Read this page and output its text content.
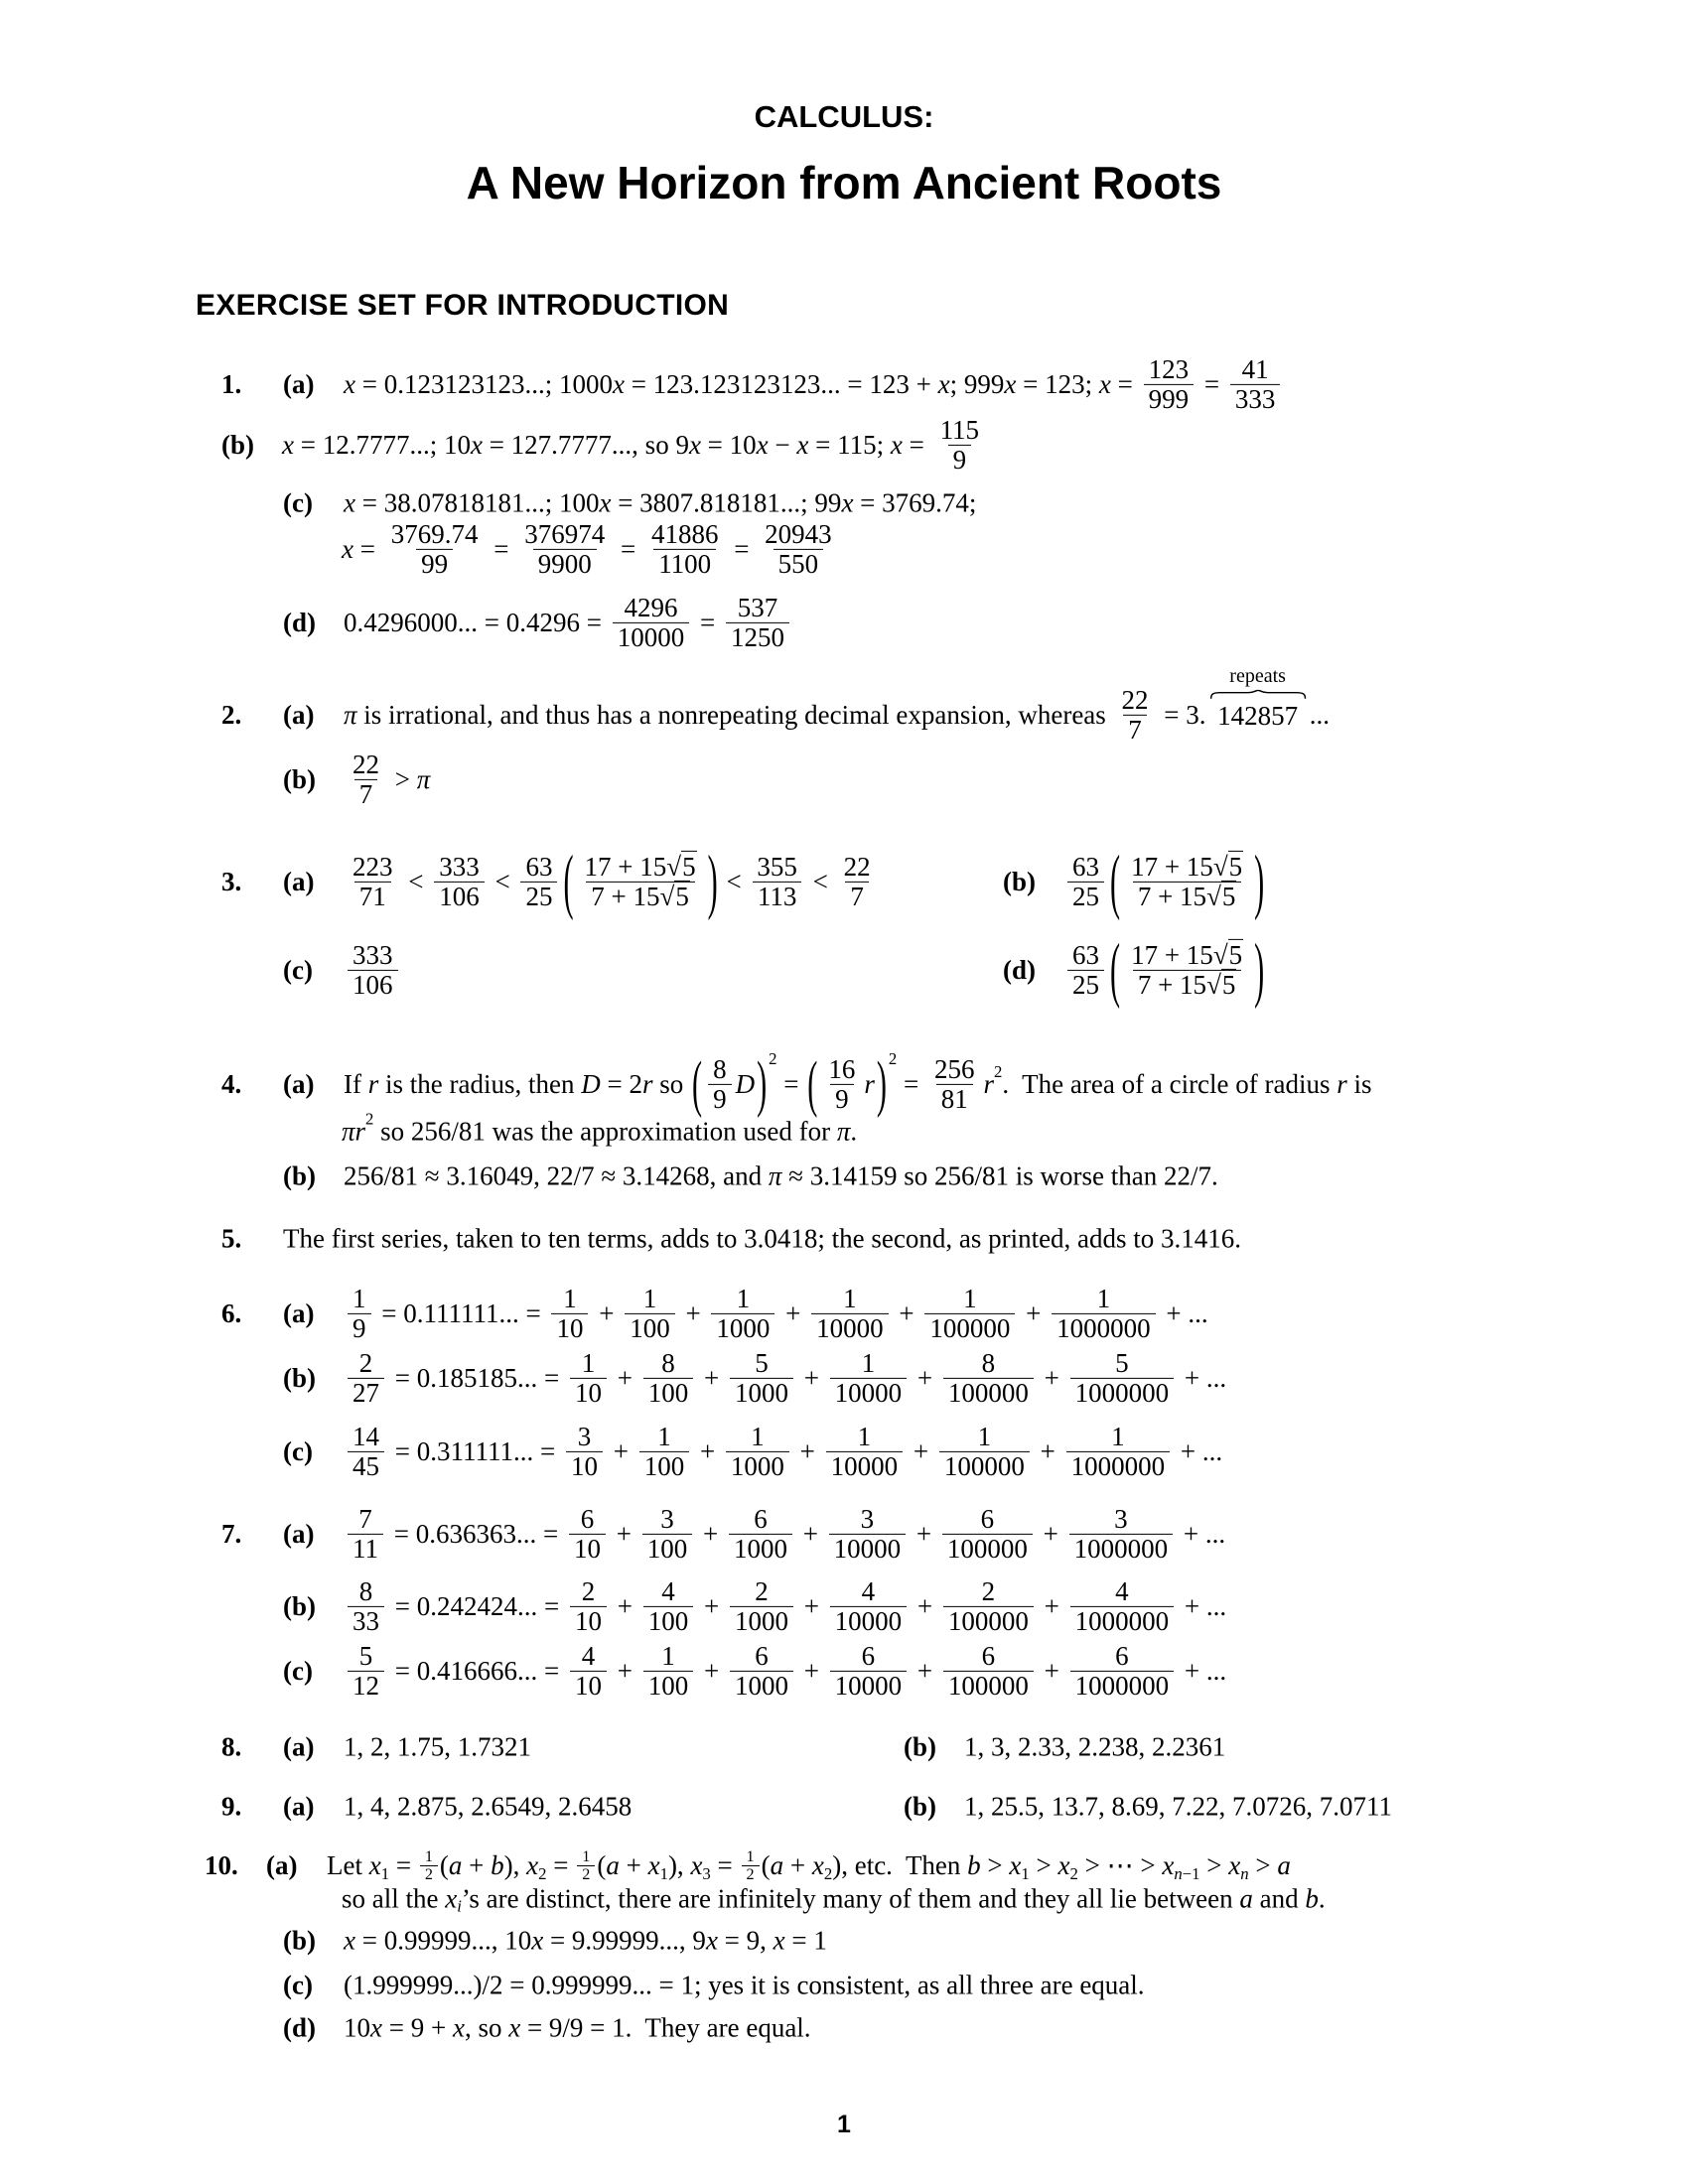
CALCULUS:
A New Horizon from Ancient Roots
EXERCISE SET FOR INTRODUCTION
1.	(a)	x = 0.123123123...; 1000 x = 123.123123123... = 123 + x ; 999 x = 123; $x = \frac{123}{999} = \frac{41}{333}$
(b)	x = 12.7777...; 10 x = 127.7777..., so 9 x = 10 x − x = 115; $x = \frac{115}{9}$
(c)	x = 38.07818181...; 100 x = 3807.818181...; 99 x = 3769.74;
$x = \frac{3769.74}{99} = \frac{376974}{9900} = \frac{41886}{1100} = \frac{20943}{550}$
(d)	0.4296000... = $0.4296 = \frac{4296}{10000} = \frac{537}{1250}$
2.	(a)	π is irrational, and thus has a nonrepeating decimal expansion, whereas $\frac{22}{7} = 3$.
repeats
142857 ...
(b)	$\frac{22}{7} > \pi$
3.	(a)	$\frac{223}{71} < \frac{333}{106} < \frac{63}{25}$ ( $\frac{17 + 15√5}{7 + 15√5}$ ) < $\frac{355}{113} < \frac{22}{7}$	(b)	$\frac{63}{25}$ ( $\frac{17 + 15√5}{7 + 15√5}$ )
(c)	$\frac{333}{106}$	(d)	$\frac{63}{25}$ ( $\frac{17 + 15√5}{7 + 15√5}$ )
4.	(a)	If r is the radius, then D = 2 r so ( $\frac{8}{9}$ D ) 2
= ( $\frac{16}{9}$ r ) 2
= $\frac{256}{81}$ r 2 .  The area of a circle of radius r is
πr 2 so 256/81 was the approximation used for π .
(b)	256/81 ≈ 3.16049, 22/7 ≈ 3.14268, and π ≈ 3.14159 so 256/81 is worse than 22/7.
5.	The first series, taken to ten terms, adds to 3.0418; the second, as printed, adds to 3.1416.
6.	(a)	$\frac{1}{9} = 0.111111$... = $\frac{1}{10} + \frac{1}{100} + \frac{1}{1000} + \frac{1}{10000} + \frac{1}{100000} + \frac{1}{1000000}$ + ...
(b)	$\frac{2}{27} = 0.185185$... = $\frac{1}{10} + \frac{8}{100} + \frac{5}{1000} + \frac{1}{10000} + \frac{8}{100000} + \frac{5}{1000000}$ + ...
(c)	$\frac{14}{45} = 0.311111$... = $\frac{3}{10} + \frac{1}{100} + \frac{1}{1000} + \frac{1}{10000} + \frac{1}{100000} + \frac{1}{1000000}$ + ...
7.	(a)	$\frac{7}{11} = 0.636363$... = $\frac{6}{10} + \frac{3}{100} + \frac{6}{1000} + \frac{3}{10000} + \frac{6}{100000} + \frac{3}{1000000}$ + ...
(b)	$\frac{8}{33} = 0.242424$... = $\frac{2}{10} + \frac{4}{100} + \frac{2}{1000} + \frac{4}{10000} + \frac{2}{100000} + \frac{4}{1000000}$ + ...
(c)	$\frac{5}{12} = 0.416666$... = $\frac{4}{10} + \frac{1}{100} + \frac{6}{1000} + \frac{6}{10000} + \frac{6}{100000} + \frac{6}{1000000}$ + ...
8.	(a)	1, 2, 1.75, 1.7321	(b)	1, 3, 2.33, 2.238, 2.2361
9.	(a)	1, 4, 2.875, 2.6549, 2.6458	(b)	1, 25.5, 13.7, 8.69, 7.22, 7.0726, 7.0711
10.	(a)	Let x $1 = \frac{1}{2}$ ( a + b ), x $2 = \frac{1}{2}$ ( a + x 1 ), x $3 = \frac{1}{2}$ ( a + x 2 ), etc.  Then b > x 1 > x 2 > ⋯ > x n−1 > x n > a
so all the x i ’s are distinct, there are infinitely many of them and they all lie between a and b .
(b)	x = 0.99999..., 10 x = 9.99999..., 9 x = 9, x = 1
(c)	(1.999999...)/2 = 0.999999... = 1; yes it is consistent, as all three are equal.
(d)	10 x = 9 + x , so x = 9/9 = 1.  They are equal.
1
